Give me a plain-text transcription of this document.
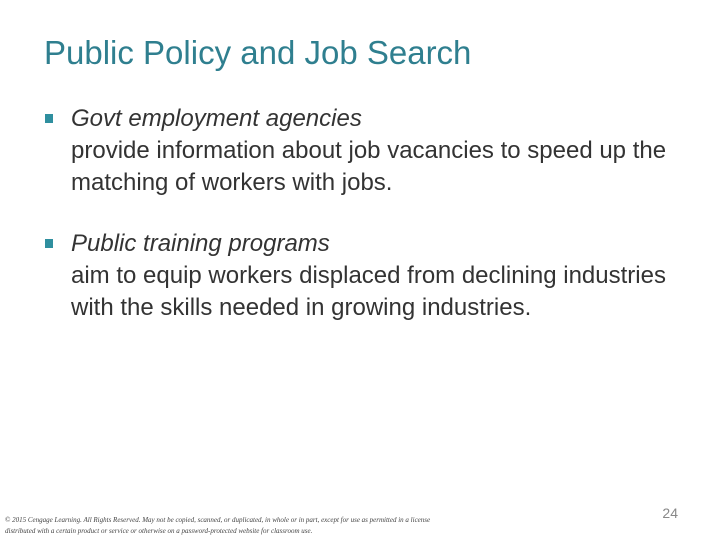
Public Policy and Job Search
Govt employment agencies
provide information about job vacancies to speed up the matching of workers with jobs.
Public training programs
aim to equip workers displaced from declining industries with the skills needed in growing industries.
© 2015 Cengage Learning. All Rights Reserved. May not be copied, scanned, or duplicated, in whole or in part, except for use as permitted in a license distributed with a certain product or service or otherwise on a password-protected website for classroom use.
24
